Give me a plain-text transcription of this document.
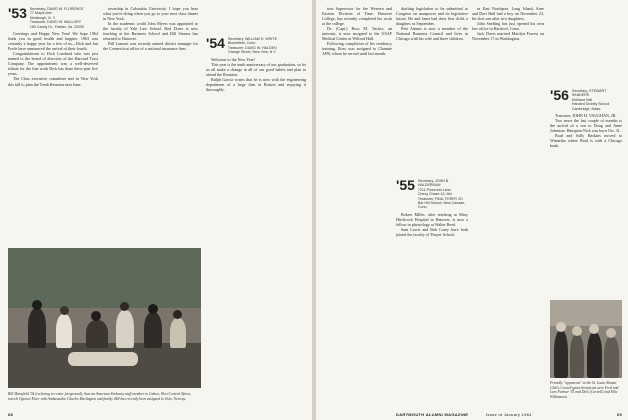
'53 Secretary, DAVID W. FLORENCE
77 Maple Ave.
Newburgh, N. Y.
Treasurer, DAVID W. MALLORY
169 Candy Dr., Fairfax, Va. 22030

Greetings and Happy New Year! We hope 1964 finds you in good health and happier. 1963 was certainly a happy year for a few of us—Dick and Jan Poole have announced the arrival of their fourth.

Congratulations to Dick Lombard who was just named to the board of directors of the Harvard Trust Company. The appointment was a well-deserved tribute for the fine work Dick has done these past five years.

The Class executive committee met in New York this fall to plan the Tenth Reunion next June.

township in Columbia University. I hope you hear what you're doing when you go to your next class dinner in New York.

In the academic world John Myers was appointed to the faculty of Yale Law School. Rod Doerr is now teaching at the Business School and Bill Strauss has returned to Hanover.

Bill Lamont was recently named district manager for the Connecticut office of a national insurance firm.	'54 Secretary, WILLIAM H. WHITE
Bloomfield, Conn.
Treasurer, DAVID W. HALDEN
Orange Street, New York, N.Y.

Welcome to the New Year!

This year is the tenth anniversary of our graduation, so let us all make a change in all of our good habits and plan to attend the Reunion.

Ralph Garcia writes that he is now with the engineering department of a large firm in Boston and enjoying it thoroughly.

Bill Mansfield '54 (reclining in center foreground), then an American Embassy staff member in Gabon, West Central Africa, travels Ogooué River with Ambassador Charles Darlington and family. Bill has recently been assigned to Oslo, Norway.
68

tion Supervisor for the Western and Eastern Division of Time, Hanover College, has recently completed his work at the college.

Dr. (Capt.) Ross M. Tucker, an internist, is now assigned to the USAF Medical Center at Wilford Hall.

Following completion of his residency training, Ross was assigned to Chanute AFB, where he served until last month.

drafting legislation to be submitted to Congress on manpower and its legislative future. He and Janet had their first child, a daughter, in September.

Pete Adams is now a member of the National Business Council and lives in Chicago with his wife and three children.

'55 Secretary, JOHN B. HALDERMAN
7211 Pinecrest Lane
Chevy Chase 15, Md.
Treasurer, PAUL FERRY 2D
Bar Hill School, New Canaan, Conn.

Robert Miller, after teaching at Mary Hitchcock Hospital in Hanover, is now a fellow in physiology at Walter Reed.

Sam Lewis and Bob Carey have both joined the faculty of Thayer School.

in East Northport, Long Island, Arne and Dort Hall had a boy on November 23, his first son after two daughters.

John Snelling has just opened his own law office in Hartford, Conn.

Jack Davis married Marilyn Forrest on November 17 in Washington.

'56 Secretary, STEWART SANDERS
Kirkland Hall
Harvard Divinity School
Cambridge, Mass.

Treasurer, JOHN H. VAUGHAN, JR.

Two news the last couple of months is the arrival of a son to Doug and Anne Johnston. Hampton Nick was born Oct. 31.

Brad and Sally Haskins moved to Winnetka where Brad is with a Chicago bank.

Friendly "opponents" at the St. Louis Alumni Club's Cornell game broadcast were Fred and Lars Farmer '55 and Dick (Cornell) and Ellie Williamson.
DARTMOUTH ALUMNI MAGAZINE	Issue of January 1964	69
